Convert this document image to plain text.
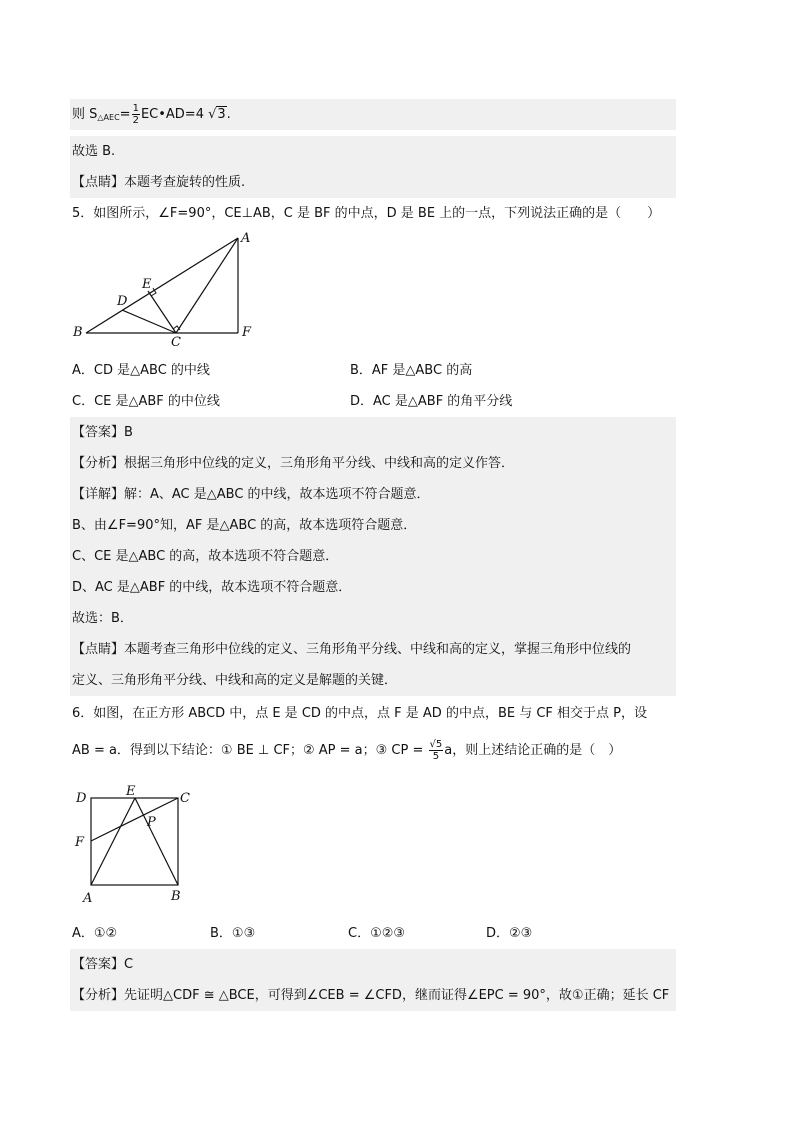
则 $S_{\triangle AEC}= \frac{1}{2}$ EC•AD=4 √3.
故选 B.
【点睛】本题考查旋转的性质.
5．如图所示，∠F=90°，CE⊥AB，C 是 BF 的中点，D 是 BE 上的一点，下列说法正确的是（　　）
A
E
D
B
C
F
A．CD 是△ABC 的中线	B．AF 是△ABC 的高
C．CE 是△ABF 的中位线	D．AC 是△ABF 的角平分线
【答案】B
【分析】根据三角形中位线的定义，三角形角平分线、中线和高的定义作答．
【详解】解：A、AC 是△ABC 的中线，故本选项不符合题意．
B、由∠F=90°知，AF 是△ABC 的高，故本选项符合题意．
C、CE 是△ABC 的高，故本选项不符合题意．
D、AC 是△ABF 的中线，故本选项不符合题意．
故选：B．
【点睛】本题考查三角形中位线的定义、三角形角平分线、中线和高的定义，掌握三角形中位线的
定义、三角形角平分线、中线和高的定义是解题的关键．
6．如图，在正方形 ABCD 中，点 E 是 CD 的中点，点 F 是 AD 的中点，BE 与 CF 相交于点 P，设
AB = a．得到以下结论：① BE ⊥ CF；② AP = a；③ CP = $\frac{√5}{5}$ a，则上述结论正确的是（　）
D	E	C
P
F
A	B
A．①②	B．①③	C．①②③	D．②③
【答案】C
【分析】先证明△CDF ≅ △BCE，可得到∠CEB = ∠CFD，继而证得∠EPC = 90°，故①正确；延长 CF
